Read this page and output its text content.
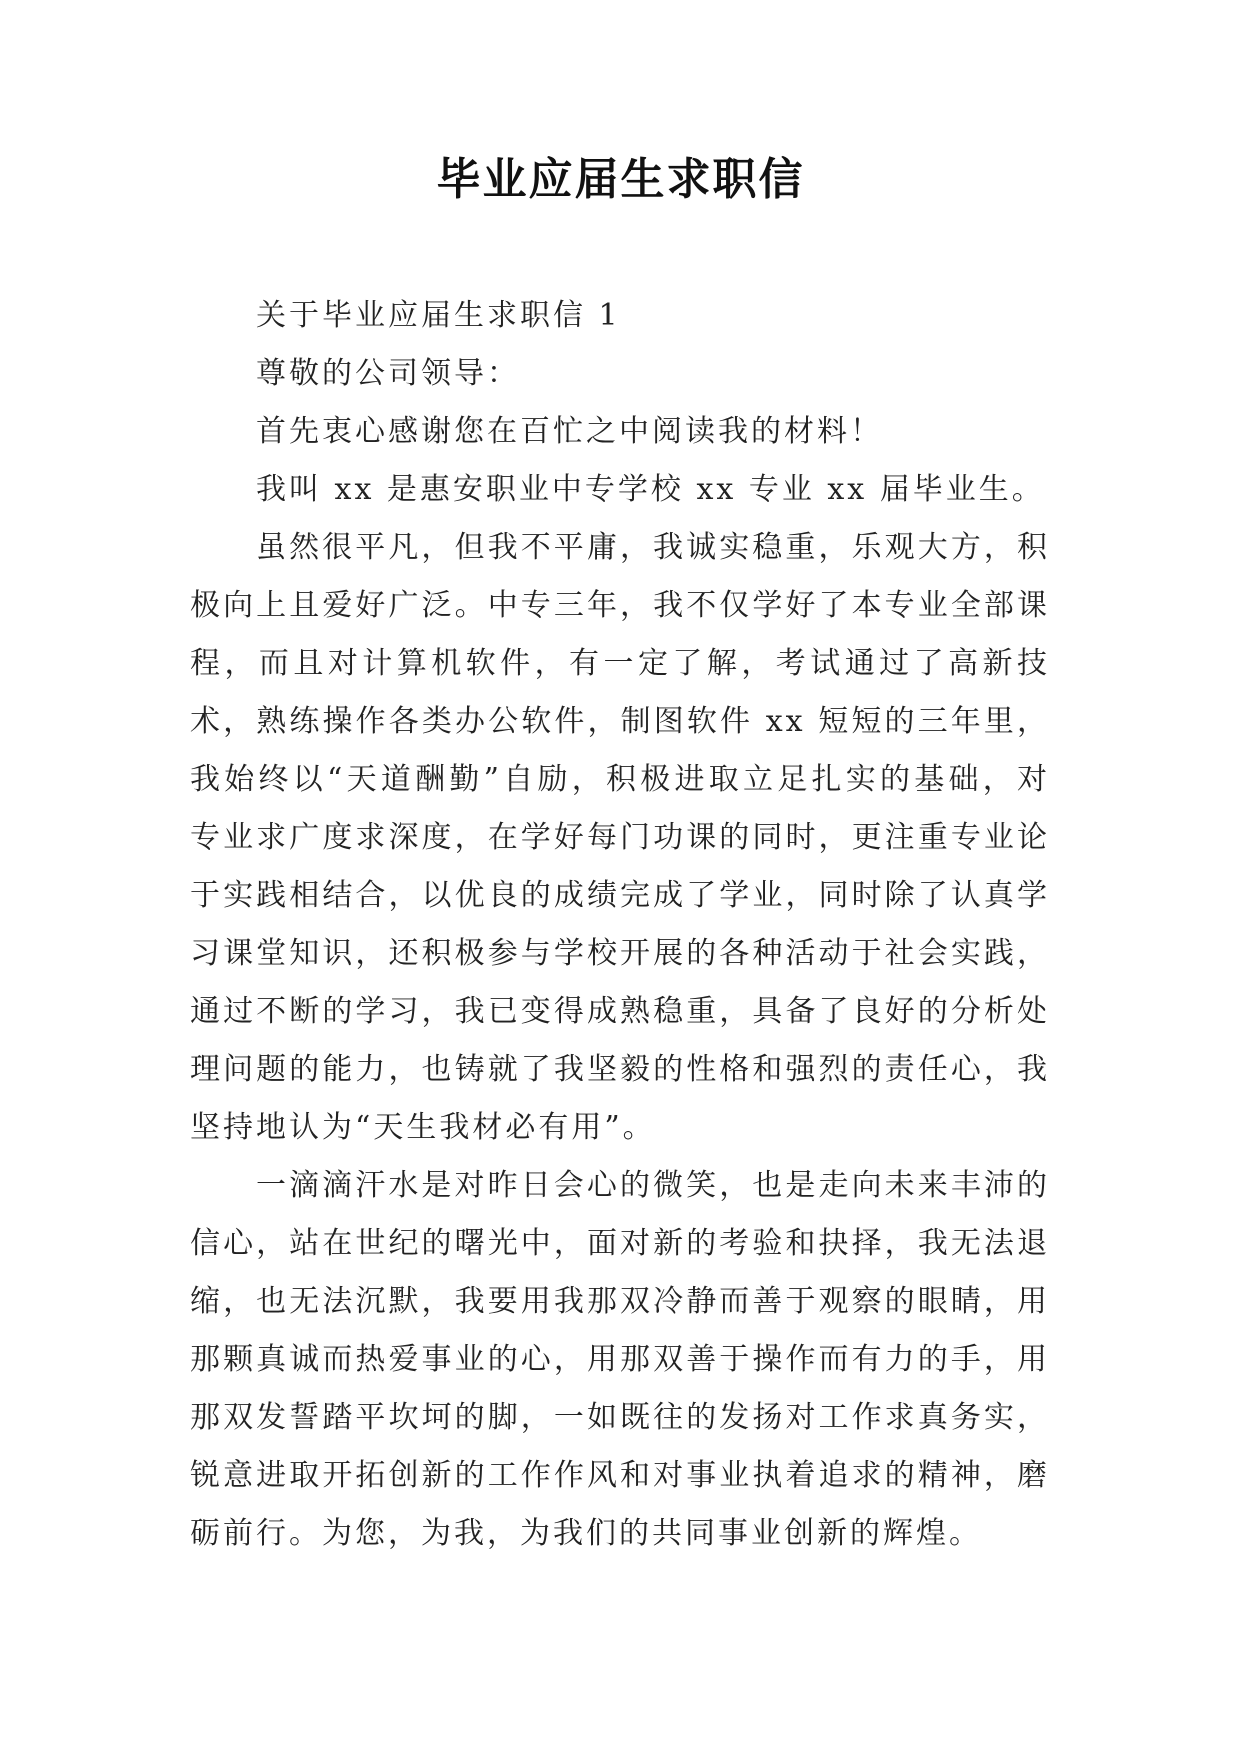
毕业应届生求职信

关于毕业应届生求职信 1

尊敬的公司领导：

首先衷心感谢您在百忙之中阅读我的材料！

我叫 xx 是惠安职业中专学校 xx 专业 xx 届毕业生。

虽然很平凡，但我不平庸，我诚实稳重，乐观大方，积极向上且爱好广泛。中专三年，我不仅学好了本专业全部课程，而且对计算机软件，有一定了解，考试通过了高新技术，熟练操作各类办公软件，制图软件 xx 短短的三年里，我始终以“天道酬勤”自励，积极进取立足扎实的基础，对专业求广度求深度，在学好每门功课的同时，更注重专业论于实践相结合，以优良的成绩完成了学业，同时除了认真学习课堂知识，还积极参与学校开展的各种活动于社会实践，通过不断的学习，我已变得成熟稳重，具备了良好的分析处理问题的能力，也铸就了我坚毅的性格和强烈的责任心，我坚持地认为“天生我材必有用”。

一滴滴汗水是对昨日会心的微笑，也是走向未来丰沛的信心，站在世纪的曙光中，面对新的考验和抉择，我无法退缩，也无法沉默，我要用我那双冷静而善于观察的眼睛，用那颗真诚而热爱事业的心，用那双善于操作而有力的手，用那双发誓踏平坎坷的脚，一如既往的发扬对工作求真务实，锐意进取开拓创新的工作作风和对事业执着追求的精神，磨砺前行。为您，为我，为我们的共同事业创新的辉煌。
